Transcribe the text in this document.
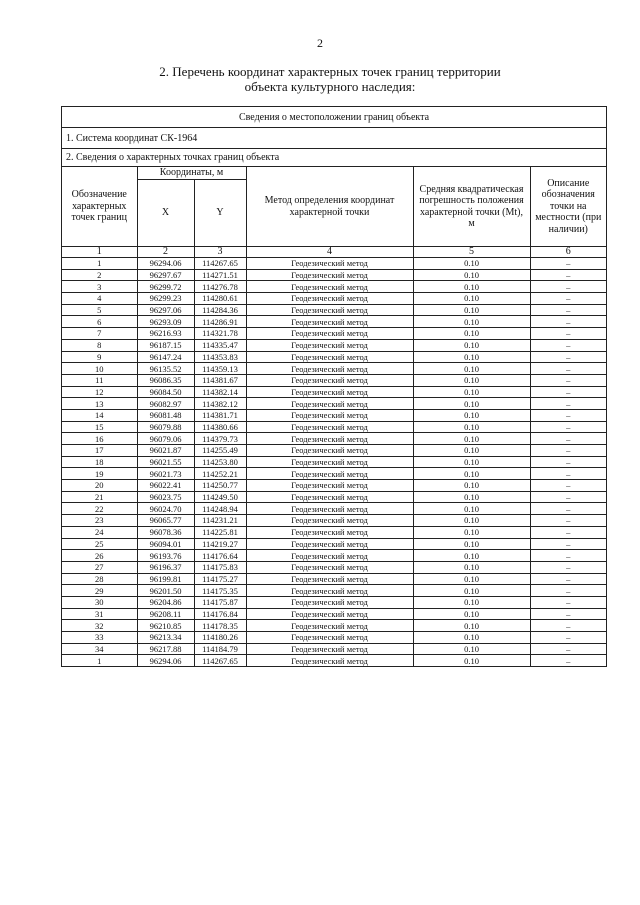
2
2. Перечень координат характерных точек границ территории
объекта культурного наследия:
Сведения о местоположении границ объекта
1. Система координат СК-1964
2. Сведения о характерных точках границ объекта
Обозначение характерных точек границ	Координаты, м		Метод определения координат характерной точки	Средняя квадратическая погрешность положения характерной точки (Mt), м	Описание обозначения точки на местности (при наличии)
	X	Y			
1	2	3	4	5	6
1	96294.06	114267.65	Геодезический метод	0.10	–
2	96297.67	114271.51	Геодезический метод	0.10	–
3	96299.72	114276.78	Геодезический метод	0.10	–
4	96299.23	114280.61	Геодезический метод	0.10	–
5	96297.06	114284.36	Геодезический метод	0.10	–
6	96293.09	114286.91	Геодезический метод	0.10	–
7	96216.93	114321.78	Геодезический метод	0.10	–
8	96187.15	114335.47	Геодезический метод	0.10	–
9	96147.24	114353.83	Геодезический метод	0.10	–
10	96135.52	114359.13	Геодезический метод	0.10	–
11	96086.35	114381.67	Геодезический метод	0.10	–
12	96084.50	114382.14	Геодезический метод	0.10	–
13	96082.97	114382.12	Геодезический метод	0.10	–
14	96081.48	114381.71	Геодезический метод	0.10	–
15	96079.88	114380.66	Геодезический метод	0.10	–
16	96079.06	114379.73	Геодезический метод	0.10	–
17	96021.87	114255.49	Геодезический метод	0.10	–
18	96021.55	114253.80	Геодезический метод	0.10	–
19	96021.73	114252.21	Геодезический метод	0.10	–
20	96022.41	114250.77	Геодезический метод	0.10	–
21	96023.75	114249.50	Геодезический метод	0.10	–
22	96024.70	114248.94	Геодезический метод	0.10	–
23	96065.77	114231.21	Геодезический метод	0.10	–
24	96078.36	114225.81	Геодезический метод	0.10	–
25	96094.01	114219.27	Геодезический метод	0.10	–
26	96193.76	114176.64	Геодезический метод	0.10	–
27	96196.37	114175.83	Геодезический метод	0.10	–
28	96199.81	114175.27	Геодезический метод	0.10	–
29	96201.50	114175.35	Геодезический метод	0.10	–
30	96204.86	114175.87	Геодезический метод	0.10	–
31	96208.11	114176.84	Геодезический метод	0.10	–
32	96210.85	114178.35	Геодезический метод	0.10	–
33	96213.34	114180.26	Геодезический метод	0.10	–
34	96217.88	114184.79	Геодезический метод	0.10	–
1	96294.06	114267.65	Геодезический метод	0.10	–
